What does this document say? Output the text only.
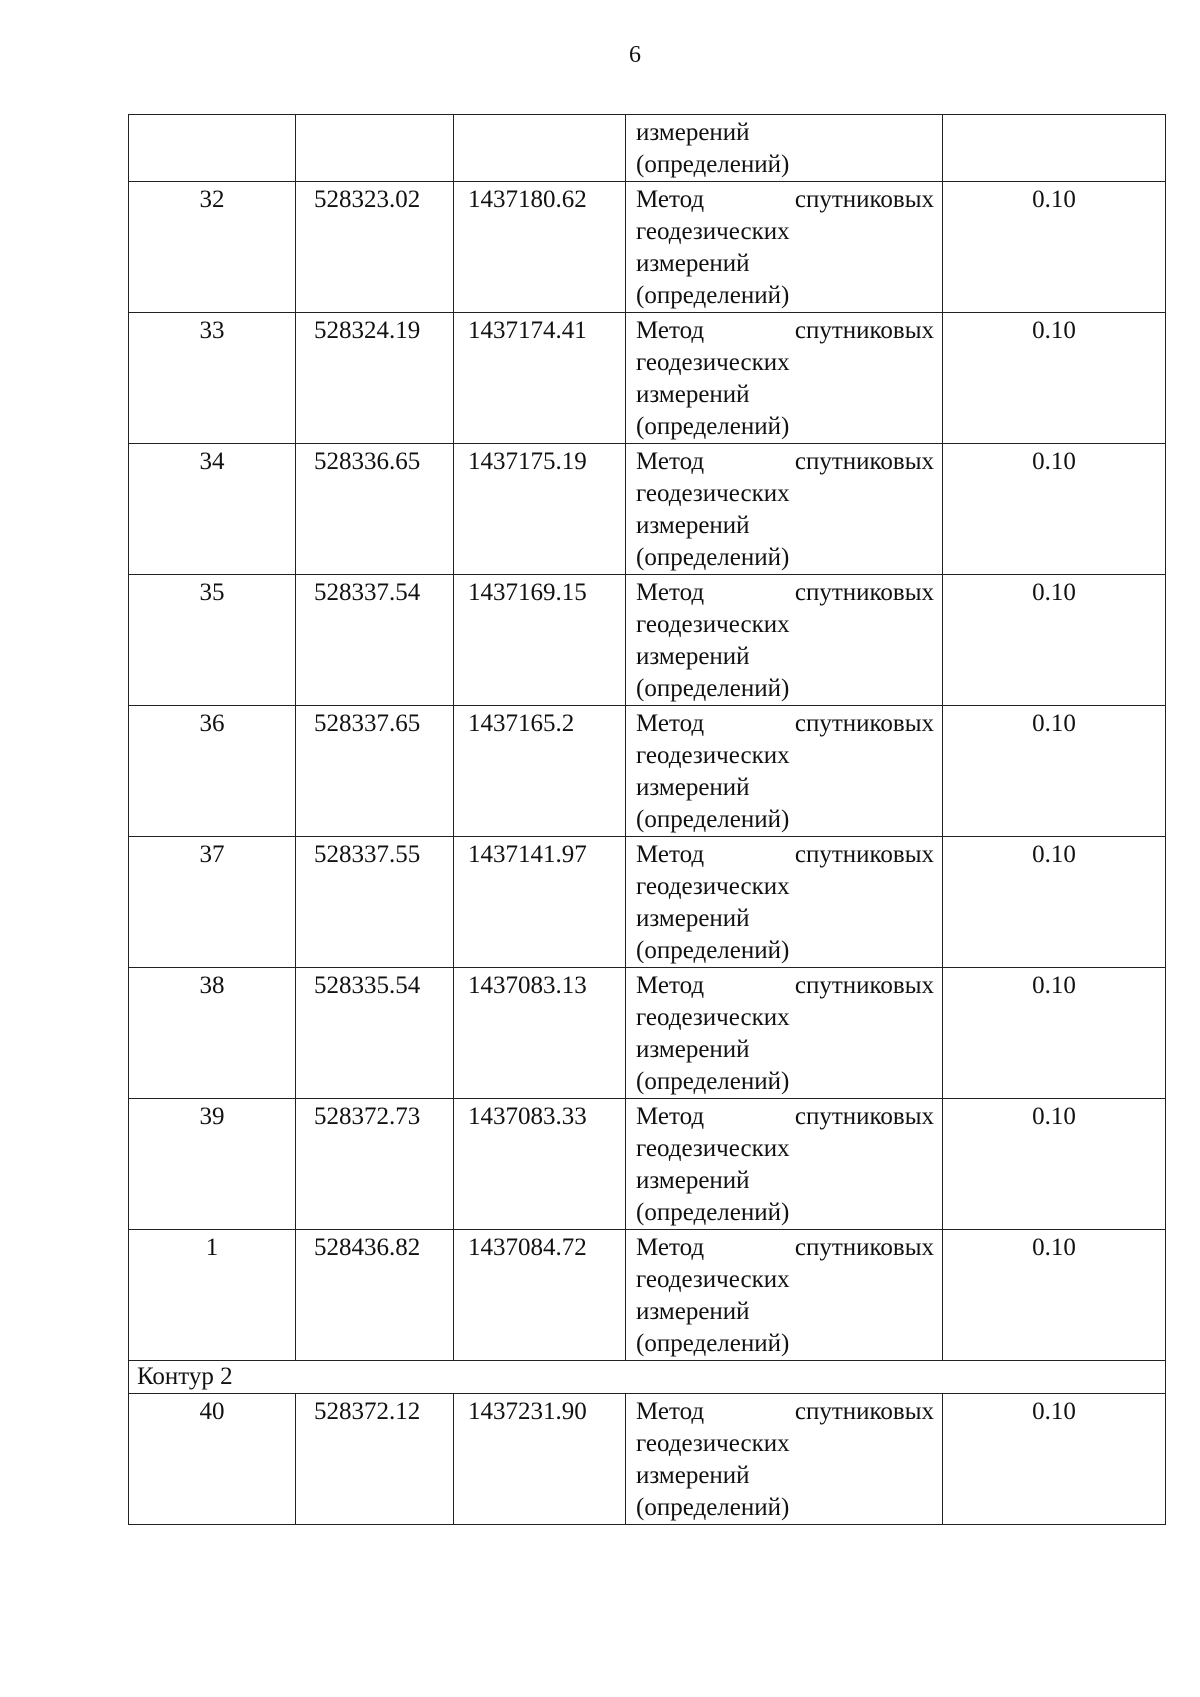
6

			измерений
(определений)	

32	528323.02	1437180.62	Метод спутниковых
геодезических
измерений
(определений)	0.10
33	528324.19	1437174.41	Метод спутниковых
геодезических
измерений
(определений)	0.10
34	528336.65	1437175.19	Метод спутниковых
геодезических
измерений
(определений)	0.10
35	528337.54	1437169.15	Метод спутниковых
геодезических
измерений
(определений)	0.10
36	528337.65	1437165.2	Метод спутниковых
геодезических
измерений
(определений)	0.10
37	528337.55	1437141.97	Метод спутниковых
геодезических
измерений
(определений)	0.10
38	528335.54	1437083.13	Метод спутниковых
геодезических
измерений
(определений)	0.10
39	528372.73	1437083.33	Метод спутниковых
геодезических
измерений
(определений)	0.10
1	528436.82	1437084.72	Метод спутниковых
геодезических
измерений
(определений)	0.10
Контур 2				
40	528372.12	1437231.90	Метод спутниковых
геодезических
измерений
(определений)	0.10
